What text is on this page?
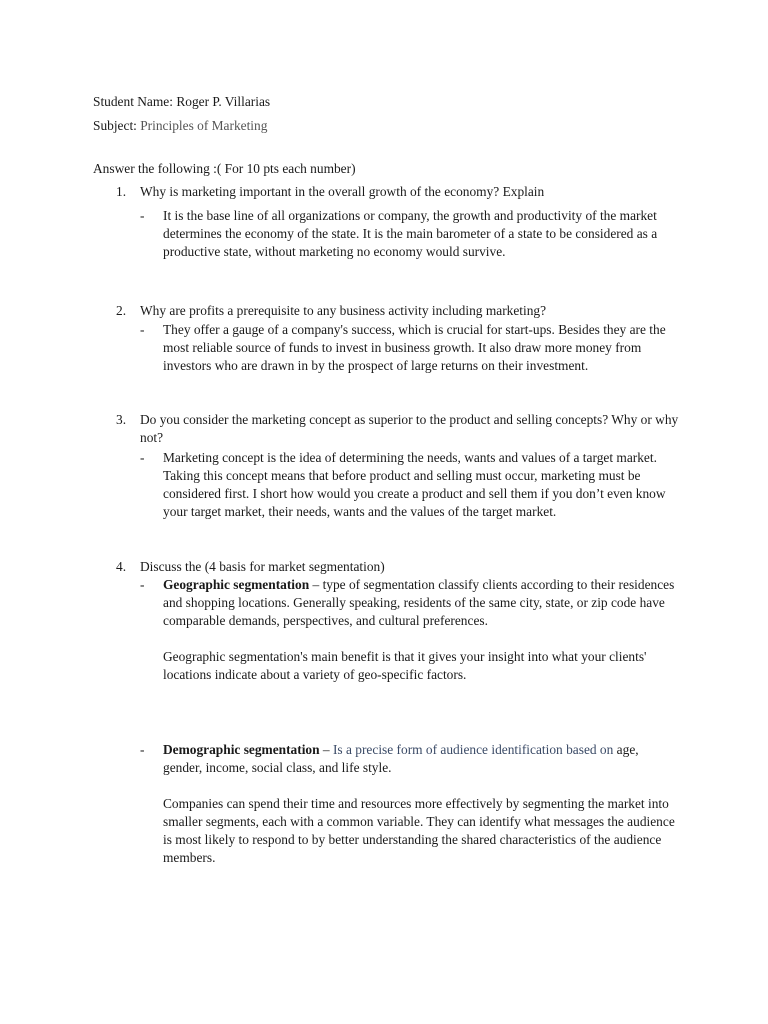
Student Name: Roger P. Villarias
Subject: Principles of Marketing
Answer the following :( For 10 pts each number)
1.	Why is marketing important in the overall growth of the economy? Explain
- It is the base line of all organizations or company, the growth and productivity of the market determines the economy of the state. It is the main barometer of a state to be considered as a productive state, without marketing no economy would survive.
2.	Why are profits a prerequisite to any business activity including marketing?
- They offer a gauge of a company's success, which is crucial for start-ups. Besides they are the most reliable source of funds to invest in business growth. It also draw more money from investors who are drawn in by the prospect of large returns on their investment.
3.	Do you consider the marketing concept as superior to the product and selling concepts? Why or why not?
- Marketing concept is the idea of determining the needs, wants and values of a target market. Taking this concept means that before product and selling must occur, marketing must be considered first. I short how would you create a product and sell them if you don’t even know your target market, their needs, wants and the values of the target market.
4.	Discuss the (4 basis for market segmentation)
- Geographic segmentation – type of segmentation classify clients according to their residences and shopping locations. Generally speaking, residents of the same city, state, or zip code have comparable demands, perspectives, and cultural preferences.

Geographic segmentation's main benefit is that it gives your insight into what your clients' locations indicate about a variety of geo-specific factors.

- Demographic segmentation – Is a precise form of audience identification based on age, gender, income, social class, and life style.

Companies can spend their time and resources more effectively by segmenting the market into smaller segments, each with a common variable. They can identify what messages the audience is most likely to respond to by better understanding the shared characteristics of the audience members.
